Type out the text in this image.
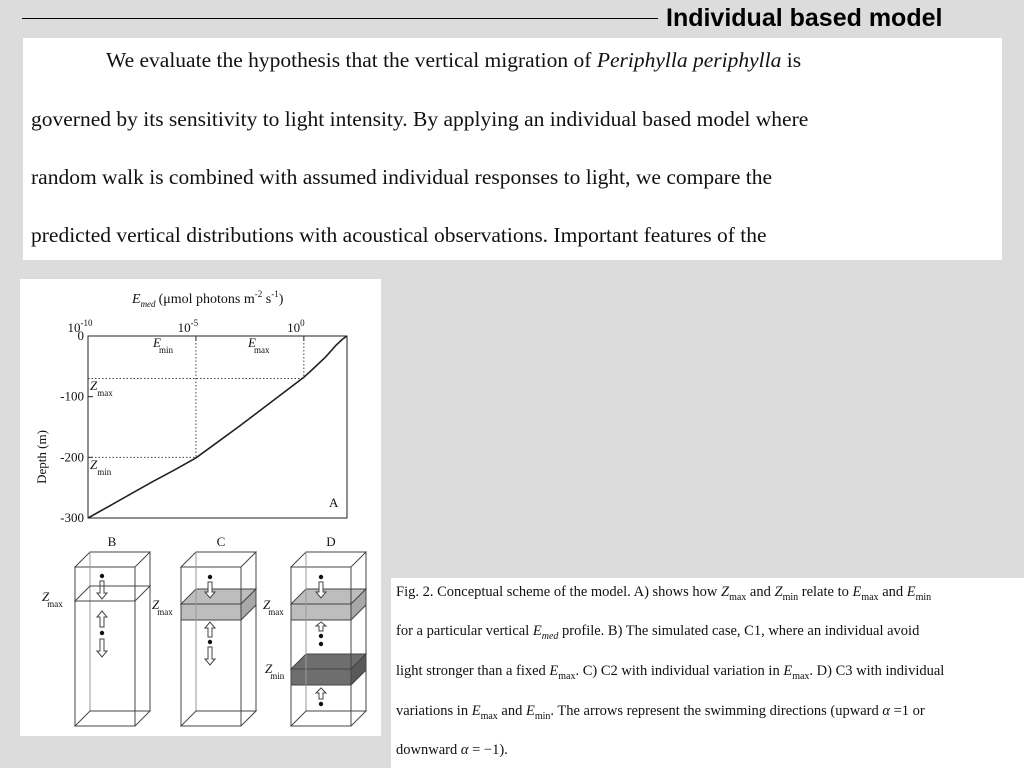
Individual based model
We evaluate the hypothesis that the vertical migration of Periphylla periphylla is
governed by its sensitivity to light intensity. By applying an individual based model where
random walk is combined with assumed individual responses to light, we compare the
predicted vertical distributions with acoustical observations. Important features of the
$E_{med}$ (μmol photons $m^{-2}$ $s^{-1}$)
Depth (m)
$10^{-10}$	$10^{-5}$	$10^0$
0
-100
-200
-300
Emin	Emax
$Z_{max}$
$Z_{min}$
A
B	C	D
Zmax	Zmax	Zmax
Zmin
Fig. 2. Conceptual scheme of the model. A) shows how $Z_{max}$ and $Z_{min}$ relate to $E_{max}$ and $E_{min}$
for a particular vertical $E_{med}$ profile. B) The simulated case, C1, where an individual avoid
light stronger than a fixed $E_{max}$. C) C2 with individual variation in $E_{max}$. D) C3 with individual
variations in $E_{max}$ and $E_{min}$. The arrows represent the swimming directions (upward α =1 or
downward α = −1).
